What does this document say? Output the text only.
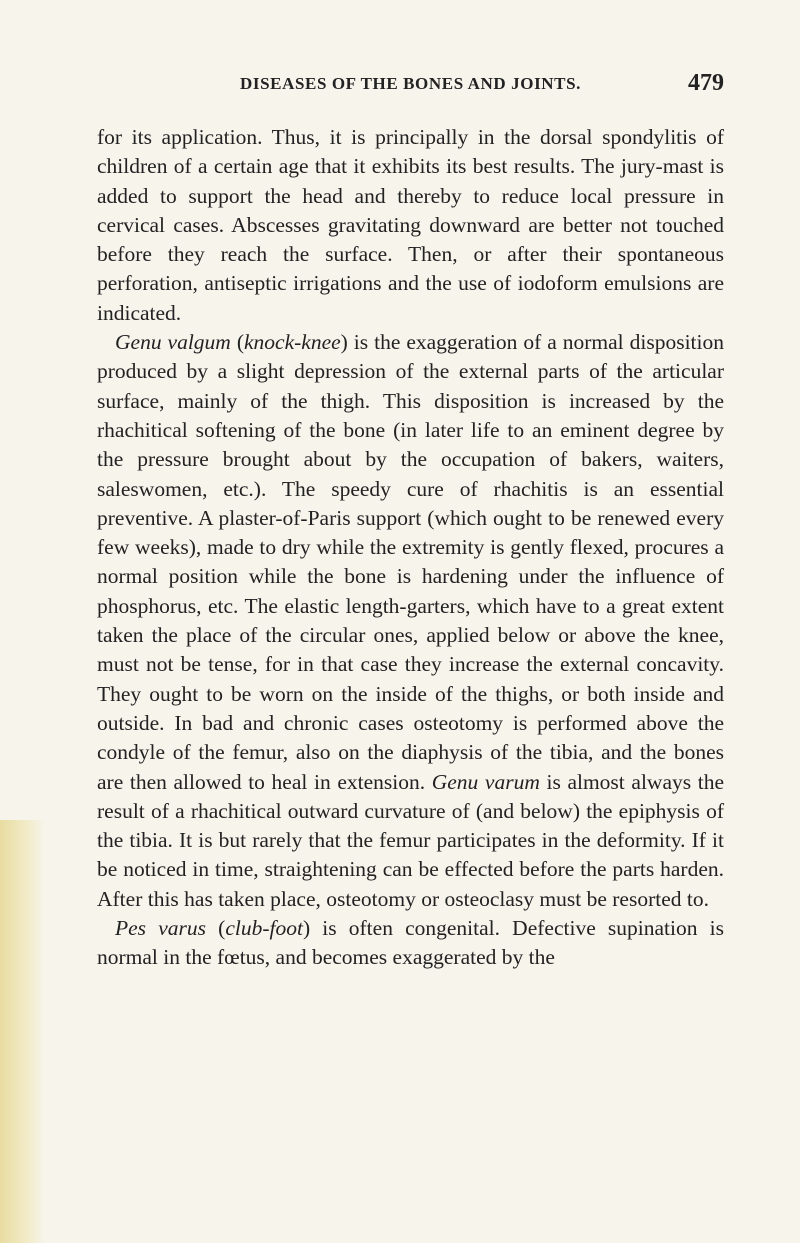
DISEASES OF THE BONES AND JOINTS.	479

for its application. Thus, it is principally in the dorsal spondylitis of children of a certain age that it exhibits its best results. The jury-mast is added to support the head and thereby to reduce local pressure in cervical cases. Abscesses gravitating downward are better not touched before they reach the surface. Then, or after their spontaneous perforation, antiseptic irrigations and the use of iodoform emulsions are indicated.

Genu valgum (knock-knee) is the exaggeration of a normal disposition produced by a slight depression of the external parts of the articular surface, mainly of the thigh. This disposition is increased by the rhachitical softening of the bone (in later life to an eminent degree by the pressure brought about by the occupation of bakers, waiters, saleswomen, etc.). The speedy cure of rhachitis is an essential preventive. A plaster-of-Paris support (which ought to be renewed every few weeks), made to dry while the extremity is gently flexed, procures a normal position while the bone is hardening under the influence of phosphorus, etc. The elastic length-garters, which have to a great extent taken the place of the circular ones, applied below or above the knee, must not be tense, for in that case they increase the external concavity. They ought to be worn on the inside of the thighs, or both inside and outside. In bad and chronic cases osteotomy is performed above the condyle of the femur, also on the diaphysis of the tibia, and the bones are then allowed to heal in extension. Genu varum is almost always the result of a rhachitical outward curvature of (and below) the epiphysis of the tibia. It is but rarely that the femur participates in the deformity. If it be noticed in time, straightening can be effected before the parts harden. After this has taken place, osteotomy or osteoclasy must be resorted to.

Pes varus (club-foot) is often congenital. Defective supination is normal in the fœtus, and becomes exaggerated by the
